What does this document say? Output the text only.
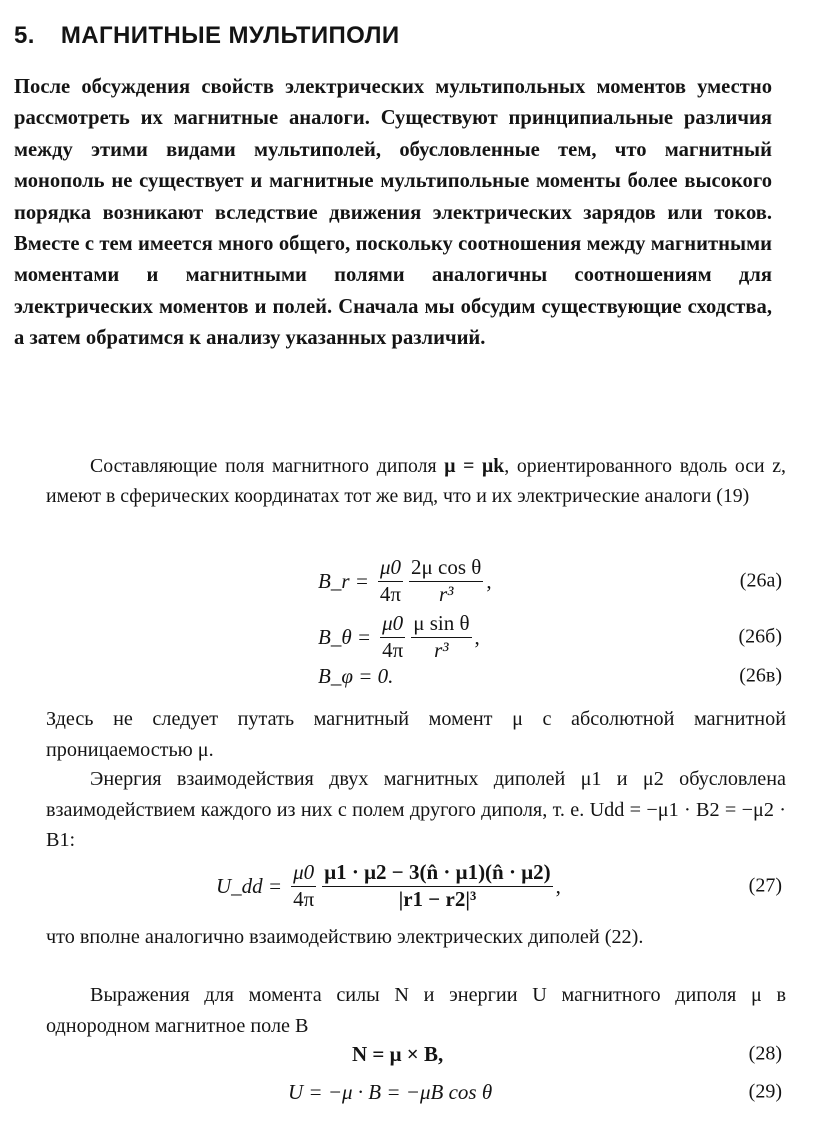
5. МАГНИТНЫЕ МУЛЬТИПОЛИ

После обсуждения свойств электрических мультипольных моментов уместно рассмотреть их магнитные аналоги. Существуют принципиальные различия между этими видами мультиполей, обусловленные тем, что магнитный монополь не существует и магнитные мультипольные моменты более высокого порядка возникают вследствие движения электрических зарядов или токов. Вместе с тем имеется много общего, поскольку соотношения между магнитными моментами и магнитными полями аналогичны соотношениям для электрических моментов и полей. Сначала мы обсудим существующие сходства, а затем обратимся к анализу указанных различий.

Составляющие поля магнитного диполя μ = μk, ориентированного вдоль оси z, имеют в сферических координатах тот же вид, что и их электрические аналоги (19)

B_r = $\frac{\mu 0}{4\pi} \frac{\text{2μ cos θ}}{\text{r³}}$ ,	(26а)
B_θ = $\frac{\mu 0}{4\pi} \frac{\text{μ sin θ}}{\text{r³}}$ ,	(26б)
B_φ = 0.	(26в)

Здесь не следует путать магнитный момент μ с абсолютной магнитной проницаемостью μ.

Энергия взаимодействия двух магнитных диполей μ1 и μ2 обусловлена взаимодействием каждого из них с полем другого диполя, т. е. Udd = −μ1 · B2 = −μ2 · B1:

U_dd = $\frac{\mu 0}{4\pi} \frac{\mu 1 \cdot \mu 2 - 3(n̂ \cdot \mu 1)(n̂ \cdot \mu 2)}{\text{|r1 − r2|³}}$ ,	(27)

что вполне аналогично взаимодействию электрических диполей (22).

Выражения для момента силы N и энергии U магнитного диполя μ в однородном магнитное поле B

N = μ × B,	(28)
U = −μ · B = −μB cos θ	(29)
